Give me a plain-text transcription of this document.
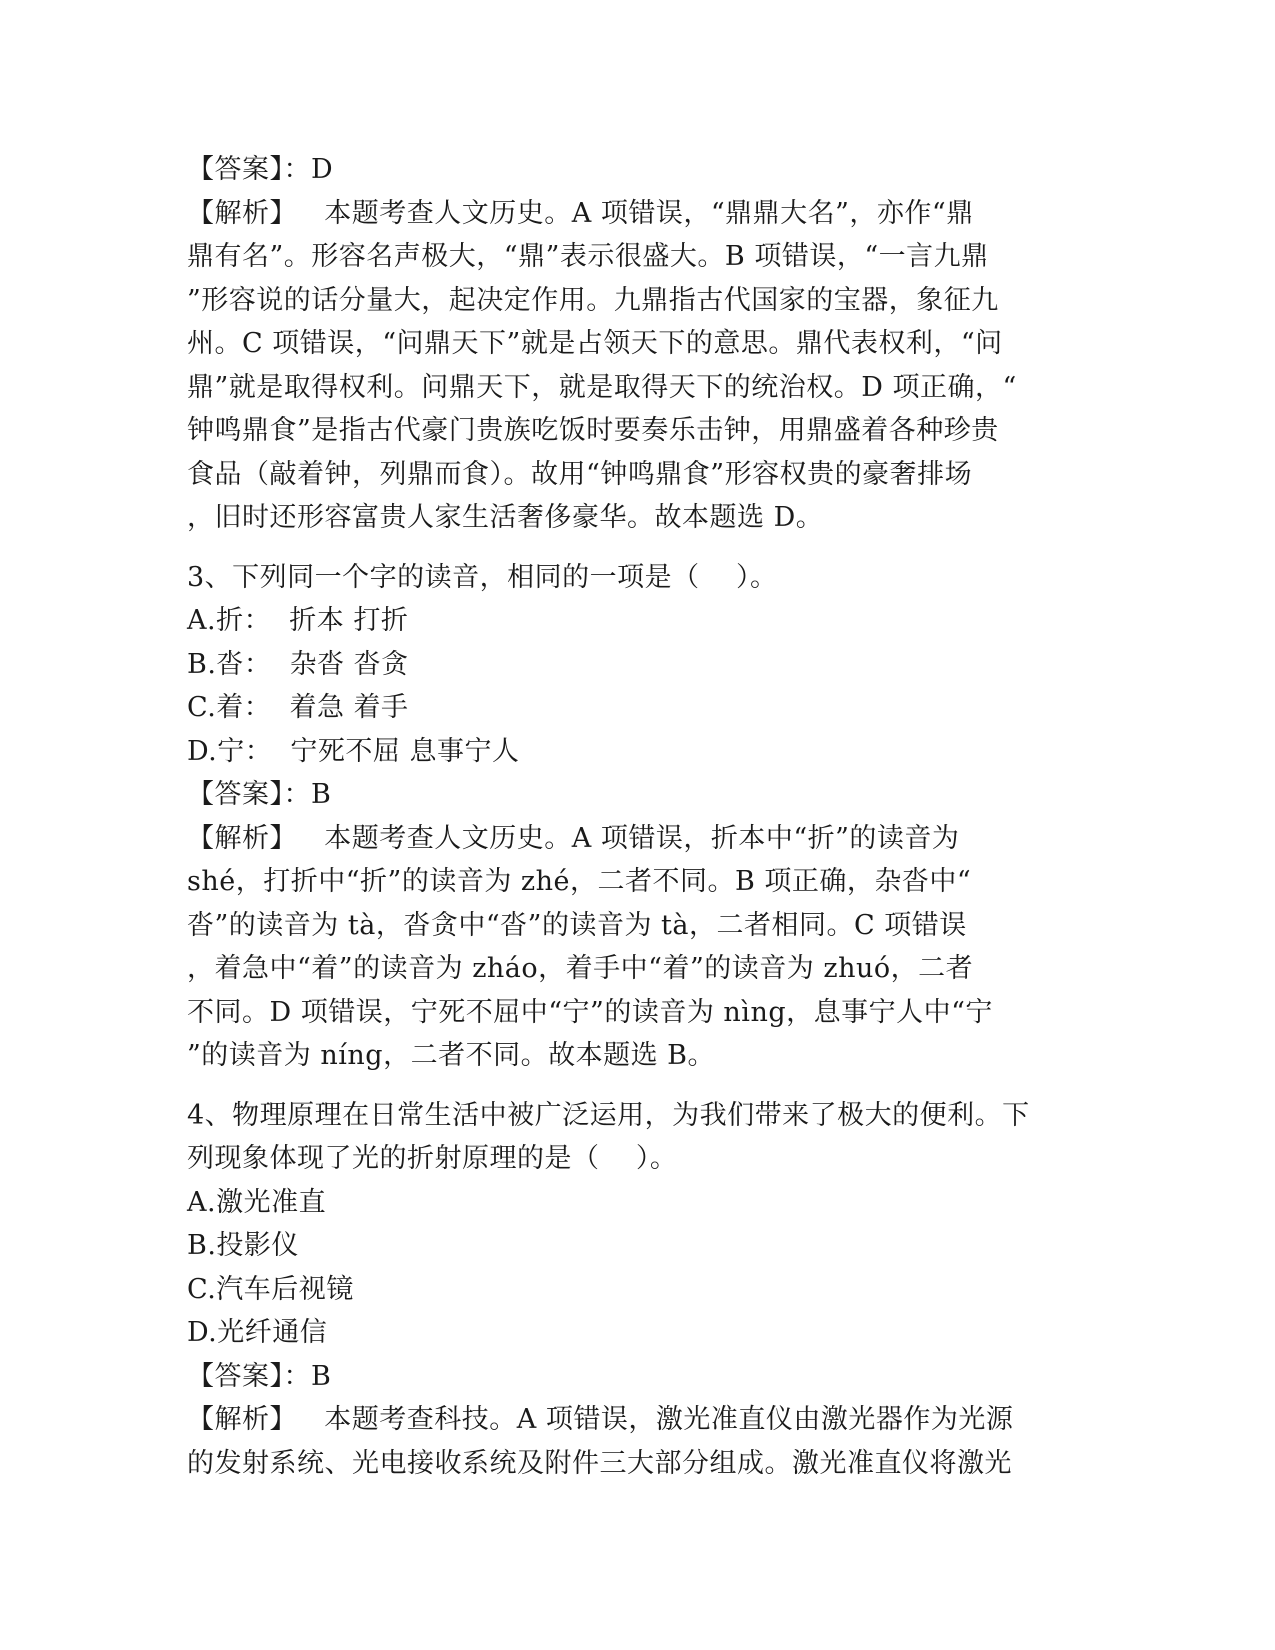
【答案】：D
【解析】   本题考查人文历史。A 项错误，“鼎鼎大名”，亦作“鼎
鼎有名”。形容名声极大，“鼎”表示很盛大。B 项错误，“一言九鼎
”形容说的话分量大，起决定作用。九鼎指古代国家的宝器，象征九
州。C 项错误，“问鼎天下”就是占领天下的意思。鼎代表权利，“问
鼎”就是取得权利。问鼎天下，就是取得天下的统治权。D 项正确，“
钟鸣鼎食”是指古代豪门贵族吃饭时要奏乐击钟，用鼎盛着各种珍贵
食品（敲着钟，列鼎而食）。故用“钟鸣鼎食”形容权贵的豪奢排场
，旧时还形容富贵人家生活奢侈豪华。故本题选 D。
3、下列同一个字的读音，相同的一项是（    ）。
A.折：  折本 打折
B.沓：  杂沓 沓贪
C.着：  着急 着手
D.宁：  宁死不屈 息事宁人
【答案】：B
【解析】   本题考查人文历史。A 项错误，折本中“折”的读音为
shé，打折中“折”的读音为 zhé，二者不同。B 项正确，杂沓中“
沓”的读音为 tà，沓贪中“沓”的读音为 tà，二者相同。C 项错误
，着急中“着”的读音为 zháo，着手中“着”的读音为 zhuó，二者
不同。D 项错误，宁死不屈中“宁”的读音为 nìng，息事宁人中“宁
”的读音为 níng，二者不同。故本题选 B。
4、物理原理在日常生活中被广泛运用，为我们带来了极大的便利。下
列现象体现了光的折射原理的是（    ）。
A.激光准直
B.投影仪
C.汽车后视镜
D.光纤通信
【答案】：B
【解析】   本题考查科技。A 项错误，激光准直仪由激光器作为光源
的发射系统、光电接收系统及附件三大部分组成。激光准直仪将激光
